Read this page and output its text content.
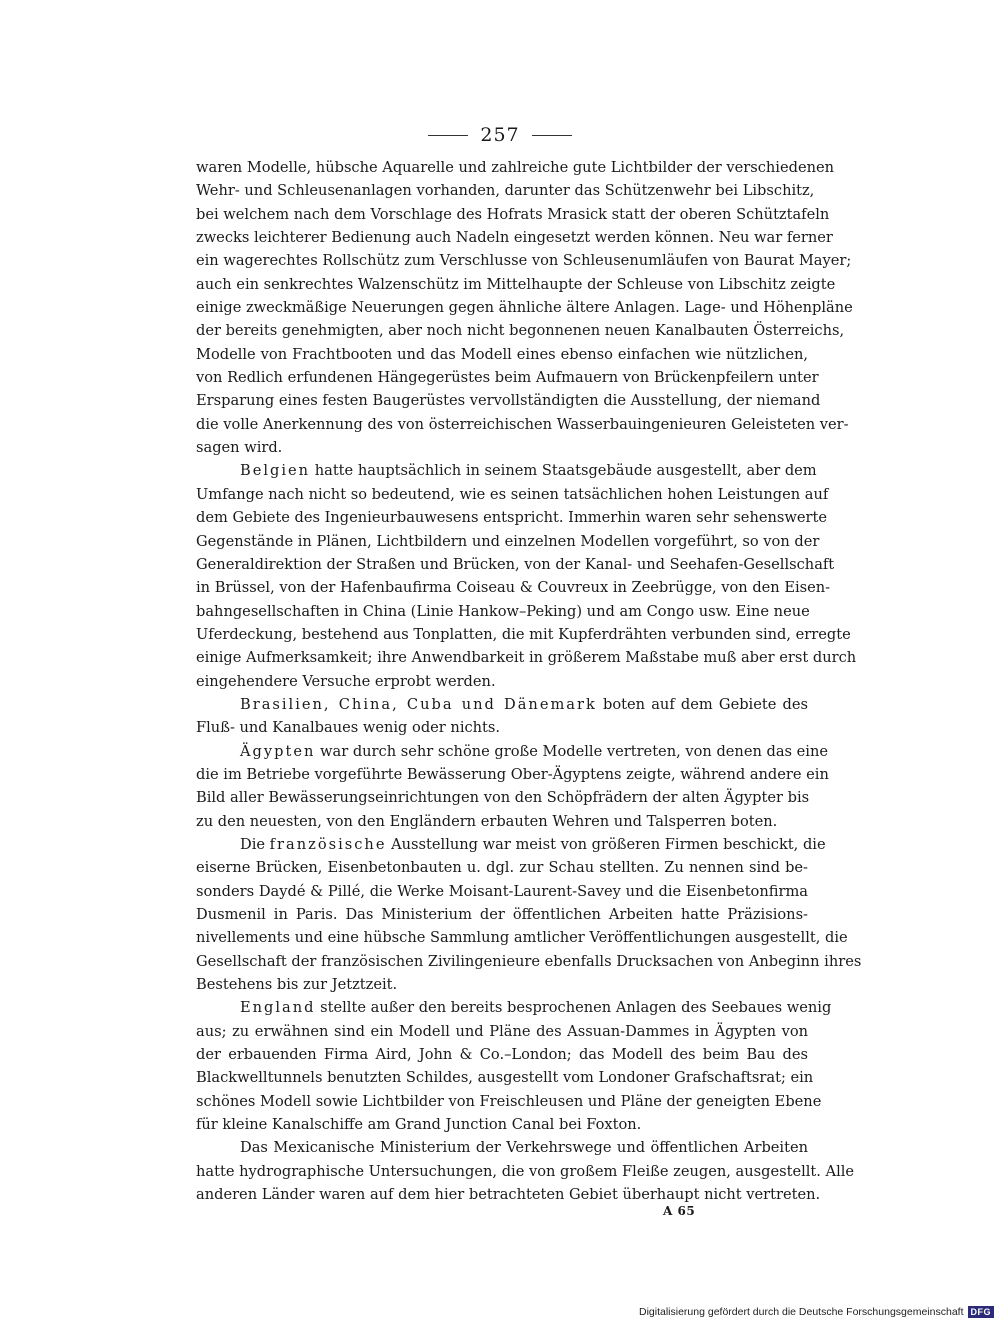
257
waren Modelle, hübsche Aquarelle und zahlreiche gute Lichtbilder der verschiedenen
Wehr- und Schleusenanlagen vorhanden, darunter das Schützenwehr bei Libschitz,
bei welchem nach dem Vorschlage des Hofrats Mrasick statt der oberen Schütztafeln
zwecks leichterer Bedienung auch Nadeln eingesetzt werden können. Neu war ferner
ein wagerechtes Rollschütz zum Verschlusse von Schleusenumläufen von Baurat Mayer;
auch ein senkrechtes Walzenschütz im Mittelhaupte der Schleuse von Libschitz zeigte
einige zweckmäßige Neuerungen gegen ähnliche ältere Anlagen. Lage- und Höhenpläne
der bereits genehmigten, aber noch nicht begonnenen neuen Kanalbauten Österreichs,
Modelle von Frachtbooten und das Modell eines ebenso einfachen wie nützlichen,
von Redlich erfundenen Hängegerüstes beim Aufmauern von Brückenpfeilern unter
Ersparung eines festen Baugerüstes vervollständigten die Ausstellung, der niemand
die volle Anerkennung des von österreichischen Wasserbauingenieuren Geleisteten ver-
sagen wird.
Belgien hatte hauptsächlich in seinem Staatsgebäude ausgestellt, aber dem
Umfange nach nicht so bedeutend, wie es seinen tatsächlichen hohen Leistungen auf
dem Gebiete des Ingenieurbauwesens entspricht. Immerhin waren sehr sehenswerte
Gegenstände in Plänen, Lichtbildern und einzelnen Modellen vorgeführt, so von der
Generaldirektion der Straßen und Brücken, von der Kanal- und Seehafen-Gesellschaft
in Brüssel, von der Hafenbaufirma Coiseau & Couvreux in Zeebrügge, von den Eisen-
bahngesellschaften in China (Linie Hankow–Peking) und am Congo usw. Eine neue
Uferdeckung, bestehend aus Tonplatten, die mit Kupferdrähten verbunden sind, erregte
einige Aufmerksamkeit; ihre Anwendbarkeit in größerem Maßstabe muß aber erst durch
eingehendere Versuche erprobt werden.
Brasilien, China, Cuba und Dänemark boten auf dem Gebiete des
Fluß- und Kanalbaues wenig oder nichts.
Ägypten war durch sehr schöne große Modelle vertreten, von denen das eine
die im Betriebe vorgeführte Bewässerung Ober-Ägyptens zeigte, während andere ein
Bild aller Bewässerungseinrichtungen von den Schöpfrädern der alten Ägypter bis
zu den neuesten, von den Engländern erbauten Wehren und Talsperren boten.
Die französische Ausstellung war meist von größeren Firmen beschickt, die
eiserne Brücken, Eisenbetonbauten u. dgl. zur Schau stellten. Zu nennen sind be-
sonders Daydé & Pillé, die Werke Moisant-Laurent-Savey und die Eisenbetonfirma
Dusmenil in Paris. Das Ministerium der öffentlichen Arbeiten hatte Präzisions-
nivellements und eine hübsche Sammlung amtlicher Veröffentlichungen ausgestellt, die
Gesellschaft der französischen Zivilingenieure ebenfalls Drucksachen von Anbeginn ihres
Bestehens bis zur Jetztzeit.
England stellte außer den bereits besprochenen Anlagen des Seebaues wenig
aus; zu erwähnen sind ein Modell und Pläne des Assuan-Dammes in Ägypten von
der erbauenden Firma Aird, John & Co.–London; das Modell des beim Bau des
Blackwelltunnels benutzten Schildes, ausgestellt vom Londoner Grafschaftsrat; ein
schönes Modell sowie Lichtbilder von Freischleusen und Pläne der geneigten Ebene
für kleine Kanalschiffe am Grand Junction Canal bei Foxton.
Das Mexicanische Ministerium der Verkehrswege und öffentlichen Arbeiten
hatte hydrographische Untersuchungen, die von großem Fleiße zeugen, ausgestellt. Alle
anderen Länder waren auf dem hier betrachteten Gebiet überhaupt nicht vertreten.
A 65
Digitalisierung gefördert durch die Deutsche Forschungsgemeinschaft DFG
